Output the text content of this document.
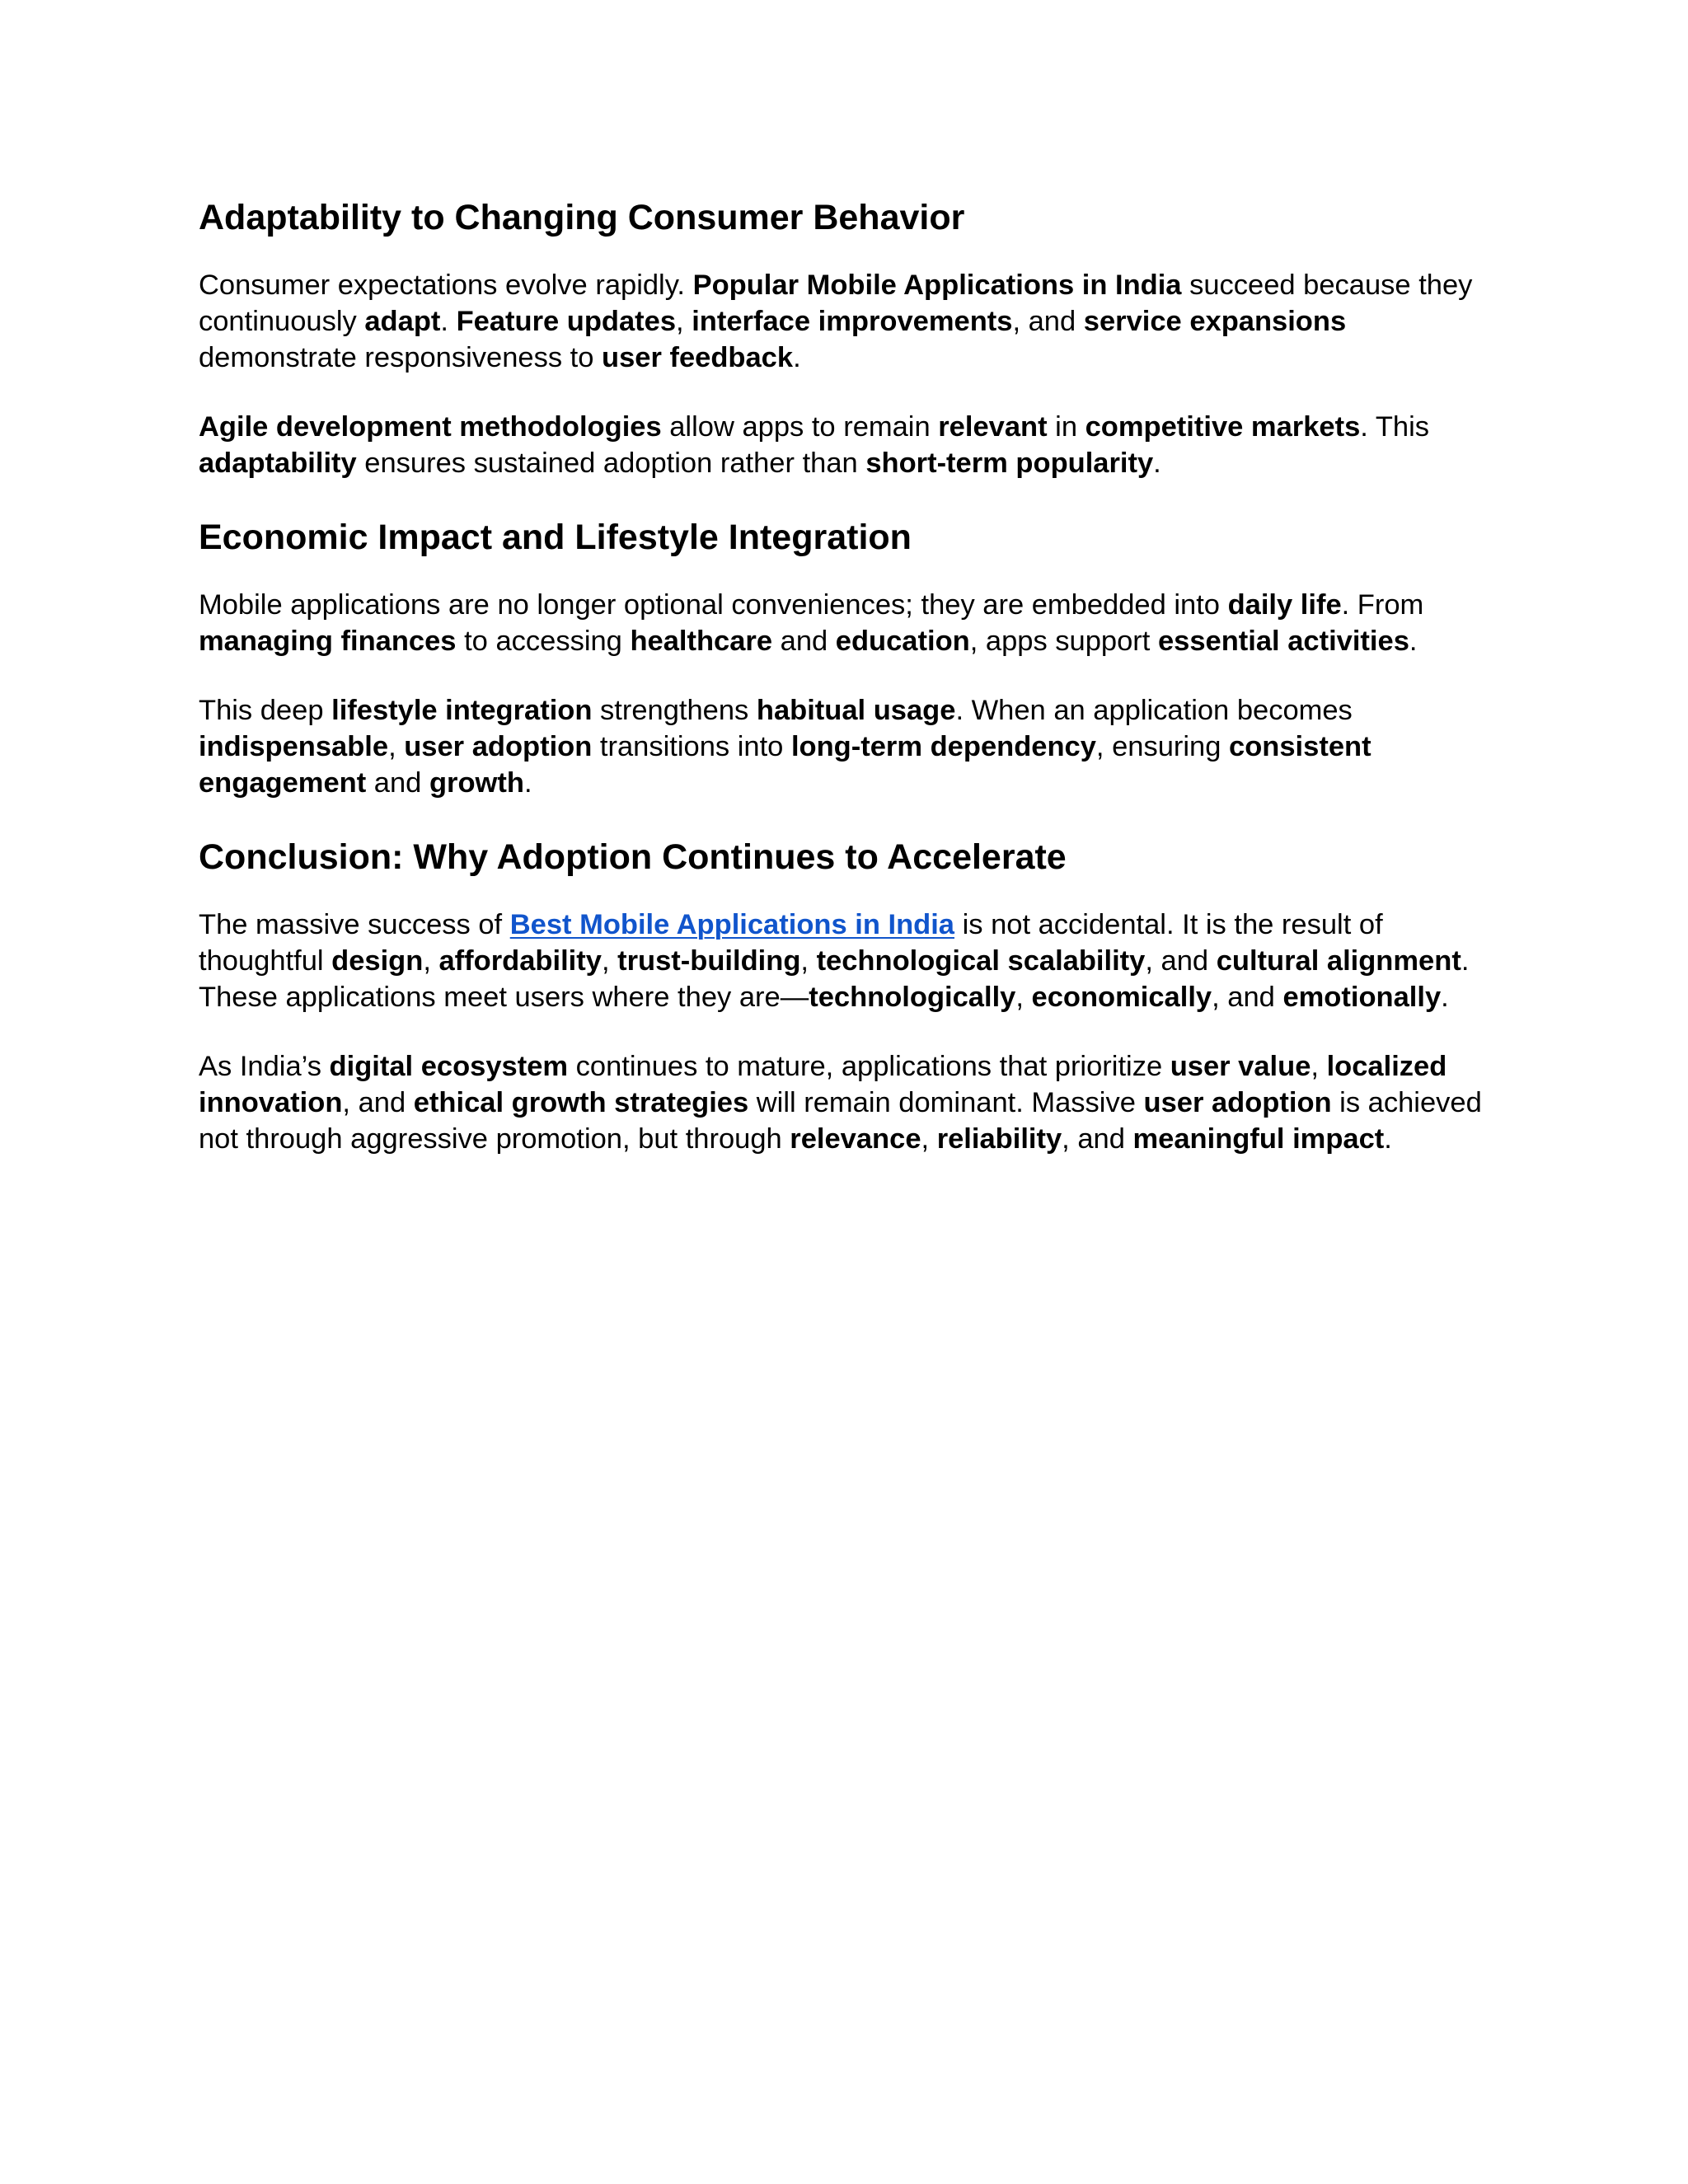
Adaptability to Changing Consumer Behavior

Consumer expectations evolve rapidly. Popular Mobile Applications in India succeed because they continuously adapt. Feature updates, interface improvements, and service expansions demonstrate responsiveness to user feedback.

Agile development methodologies allow apps to remain relevant in competitive markets. This adaptability ensures sustained adoption rather than short-term popularity.

Economic Impact and Lifestyle Integration

Mobile applications are no longer optional conveniences; they are embedded into daily life. From managing finances to accessing healthcare and education, apps support essential activities.

This deep lifestyle integration strengthens habitual usage. When an application becomes indispensable, user adoption transitions into long-term dependency, ensuring consistent engagement and growth.

Conclusion: Why Adoption Continues to Accelerate

The massive success of Best Mobile Applications in India is not accidental. It is the result of thoughtful design, affordability, trust-building, technological scalability, and cultural alignment. These applications meet users where they are—technologically, economically, and emotionally.

As India’s digital ecosystem continues to mature, applications that prioritize user value, localized innovation, and ethical growth strategies will remain dominant. Massive user adoption is achieved not through aggressive promotion, but through relevance, reliability, and meaningful impact.
